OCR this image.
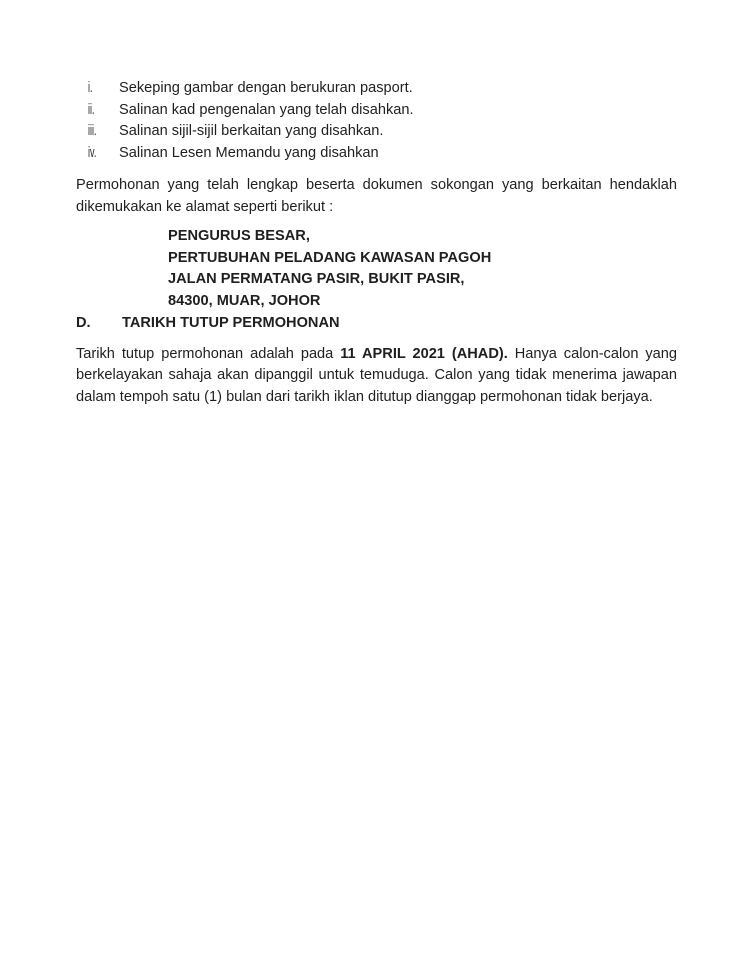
i. Sekeping gambar dengan berukuran pasport.
ii. Salinan kad pengenalan yang telah disahkan.
iii. Salinan sijil-sijil berkaitan yang disahkan.
iv. Salinan Lesen Memandu yang disahkan

Permohonan yang telah lengkap beserta dokumen sokongan yang berkaitan hendaklah dikemukakan ke alamat seperti berikut :

PENGURUS BESAR,
PERTUBUHAN PELADANG KAWASAN PAGOH
JALAN PERMATANG PASIR, BUKIT PASIR,
84300, MUAR, JOHOR
D. TARIKH TUTUP PERMOHONAN

Tarikh tutup permohonan adalah pada 11 APRIL 2021 (AHAD). Hanya calon-calon yang berkelayakan sahaja akan dipanggil untuk temuduga. Calon yang tidak menerima jawapan dalam tempoh satu (1) bulan dari tarikh iklan ditutup dianggap permohonan tidak berjaya.
